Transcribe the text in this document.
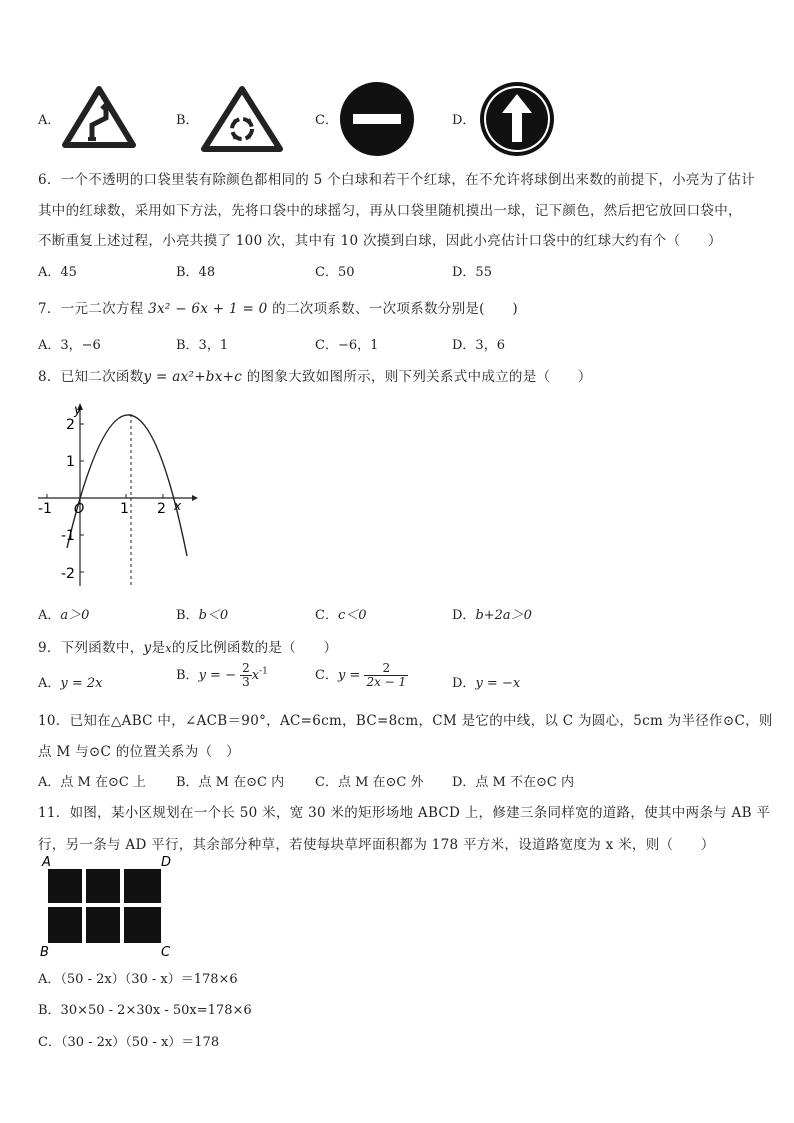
A．	B．	C．	D．
6．一个不透明的口袋里装有除颜色都相同的 5 个白球和若干个红球，在不允许将球倒出来数的前提下，小亮为了估计
其中的红球数，采用如下方法，先将口袋中的球摇匀，再从口袋里随机摸出一球，记下颜色，然后把它放回口袋中，
不断重复上述过程，小亮共摸了 100 次，其中有 10 次摸到白球，因此小亮估计口袋中的红球大约有个（　　）
A．45	B．48	C．50	D．55
7．一元二次方程 3x² − 6x + 1 = 0 的二次项系数、一次项系数分别是(　　)
A．3，−6	B．3，1	C．−6，1	D．3，6
8．已知二次函数y = ax²+bx+c 的图象大致如图所示，则下列关系式中成立的是（　　）
y
x
O
2
1
-1
-2
-1	1 2
A．a＞0	B．b＜0	C．c＜0	D．b+2a＞0
9．下列函数中，y是x的反比例函数的是（　　）
A．y = 2x
B．y = − $\frac{2}{3} x^{-1}$	C．$y = \frac{2}{2x - 1}$	D．y = −x
10．已知在△ABC 中，∠ACB＝90°，AC=6cm，BC=8cm，CM 是它的中线，以 C 为圆心，5cm 为半径作⊙C，则
点 M 与⊙C 的位置关系为（　）
A．点 M 在⊙C 上 B．点 M 在⊙C 内 C．点 M 在⊙C 外 D．点 M 不在⊙C 内
11．如图，某小区规划在一个长 50 米，宽 30 米的矩形场地 ABCD 上，修建三条同样宽的道路，使其中两条与 AB 平
行，另一条与 AD 平行，其余部分种草，若使每块草坪面积都为 178 平方米，设道路宽度为 x 米，则（　　）
A	D
B	C
A．（50 - 2x）（30 - x）＝178×6
B．30×50 - 2×30x - 50x=178×6
C．（30 - 2x）（50 - x）＝178
